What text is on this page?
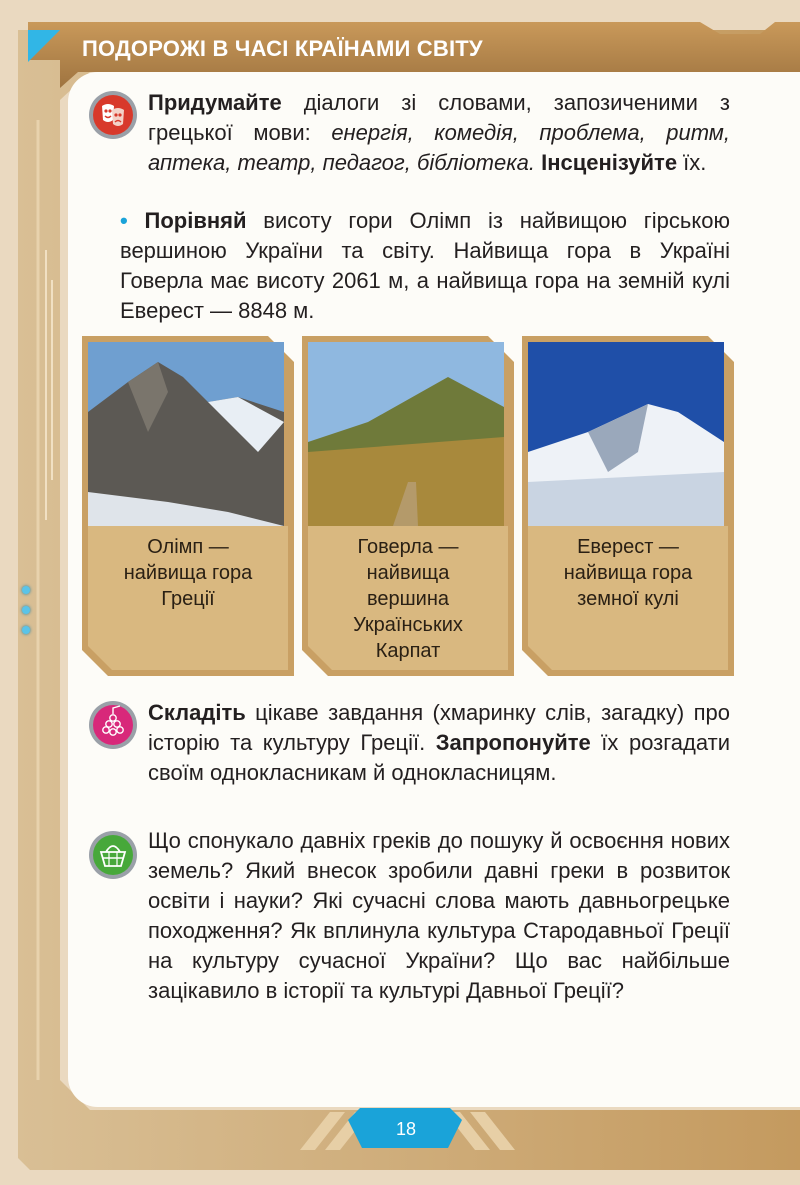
ПОДОРОЖІ В ЧАСІ КРАЇНАМИ СВІТУ
Придумайте діалоги зі словами, запозиченими з грецької мови: енергія, комедія, проблема, ритм, аптека, театр, педагог, бібліотека. Інсценізуйте їх.
• Порівняй висоту гори Олімп із найвищою гірською вершиною України та світу. Найвища гора в Україні Говерла має висоту 2061 м, а найвища гора на земній кулі Еверест — 8848 м.
Олімп — найвища гора Греції
Говерла — найвища вершина Українських Карпат
Еверест — найвища гора земної кулі
Складіть цікаве завдання (хмаринку слів, загадку) про історію та культуру Греції. Запропонуйте їх розгадати своїм однокласникам й однокласницям.
Що спонукало давніх греків до пошуку й освоєння нових земель? Який внесок зробили давні греки в розвиток освіти і науки? Які сучасні слова мають давньогрецьке походження? Як вплинула культура Стародавньої Греції на культуру сучасної України? Що вас найбільше зацікавило в історії та культурі Давньої Греції?
18
